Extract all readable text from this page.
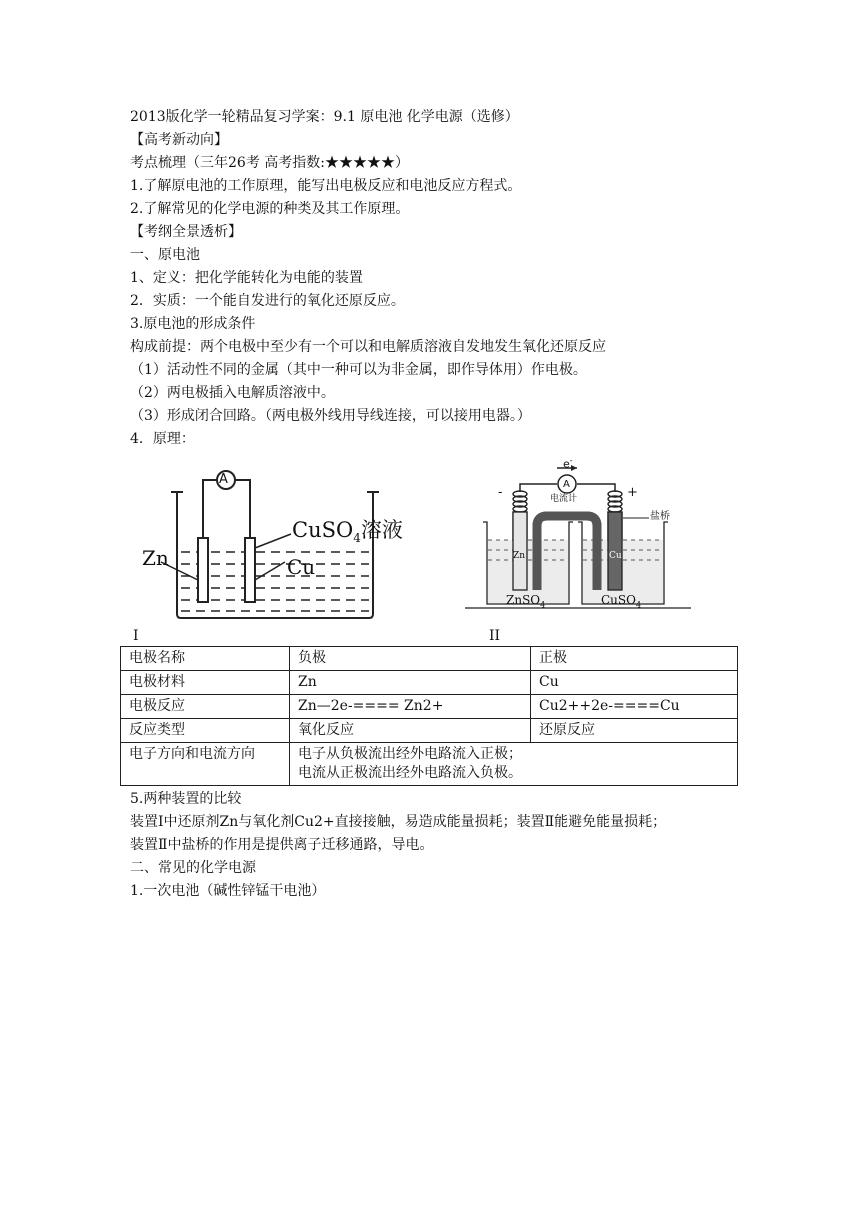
2013版化学一轮精品复习学案：9.1 原电池 化学电源（选修）
【高考新动向】
考点梳理（三年26考 高考指数:★★★★★）
1.了解原电池的工作原理，能写出电极反应和电池反应方程式。
2.了解常见的化学电源的种类及其工作原理。
【考纲全景透析】
一、原电池
1、定义：把化学能转化为电能的装置
2．实质：一个能自发进行的氧化还原反应。
3.原电池的形成条件
构成前提：两个电极中至少有一个可以和电解质溶液自发地发生氧化还原反应
（1）活动性不同的金属（其中一种可以为非金属，即作导体用）作电极。
（2）两电极插入电解质溶液中。
（3）形成闭合回路。（两电极外线用导线连接，可以接用电器。）
4．原理：
A
CuSO$_4$溶液
Zn	Cu
I
e-
A
电流计
-	+
盐桥
Zn	Cu
ZnSO$_4$	CuSO$_4$
II
电极名称	负极	正极
电极材料	Zn	Cu
电极反应	Zn—2e-==== Zn2+	Cu2++2e-====Cu
反应类型	氧化反应	还原反应
电子方向和电流方向	电子从负极流出经外电路流入正极；
电流从正极流出经外电路流入负极。	
5.两种装置的比较
装置Ⅰ中还原剂Zn与氧化剂Cu2+直接接触，易造成能量损耗；装置Ⅱ能避免能量损耗；
装置Ⅱ中盐桥的作用是提供离子迁移通路，导电。
二、常见的化学电源
1.一次电池（碱性锌锰干电池）
